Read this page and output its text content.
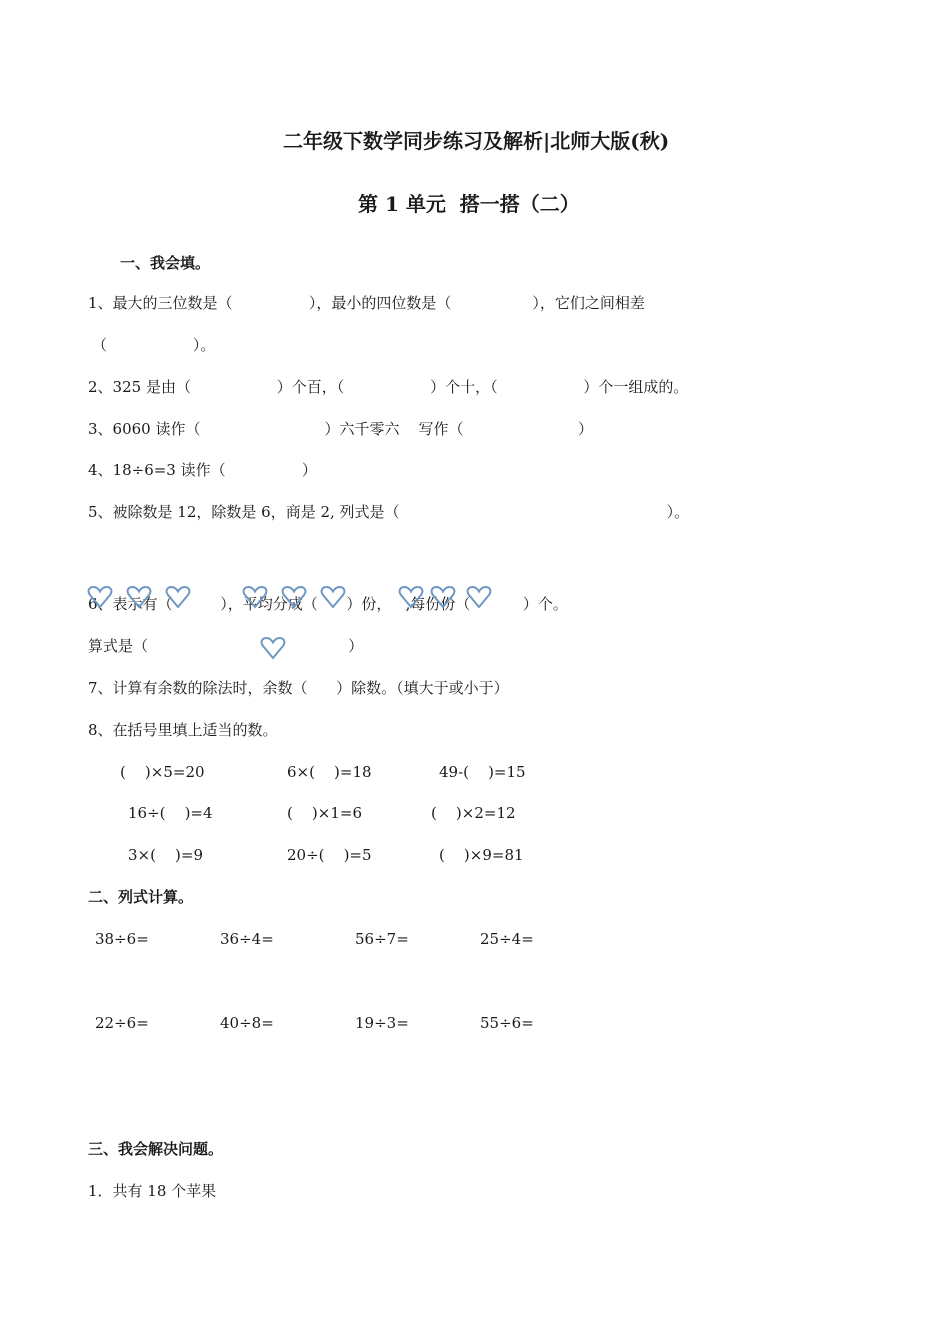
二年级下数学同步练习及解析|北师大版(秋)
第 1 单元  搭一搭（二）
一、我会填。
1、最大的三位数是（                ），最小的四位数是（                 ），它们之间相差
（                  ）。
2、325 是由（                  ）个百，（                  ）个十，（                  ）个一组成的。
3、6060 读作（                          ）六千零六    写作（                        ）
4、18÷6=3 读作（                ）
5、被除数是 12，除数是 6，商是 2, 列式是（                                                        ）。
6、表示有（          ），平均分成（      ）份，   ,每份份（           ）个。
算式是（                                          ）
7、计算有余数的除法时，余数（      ）除数。（填大于或小于）
8、在括号里填上适当的数。
(    )×5=20	6×(    )=18	49-(    )=15
16÷(    )=4	(    )×1=6	(    )×2=12
3×(    )=9	20÷(    )=5	(    )×9=81
二、列式计算。
38÷6=	36÷4=	56÷7=	25÷4=
22÷6=	40÷8=	19÷3=	55÷6=
三、我会解决问题。
1．共有 18 个苹果
